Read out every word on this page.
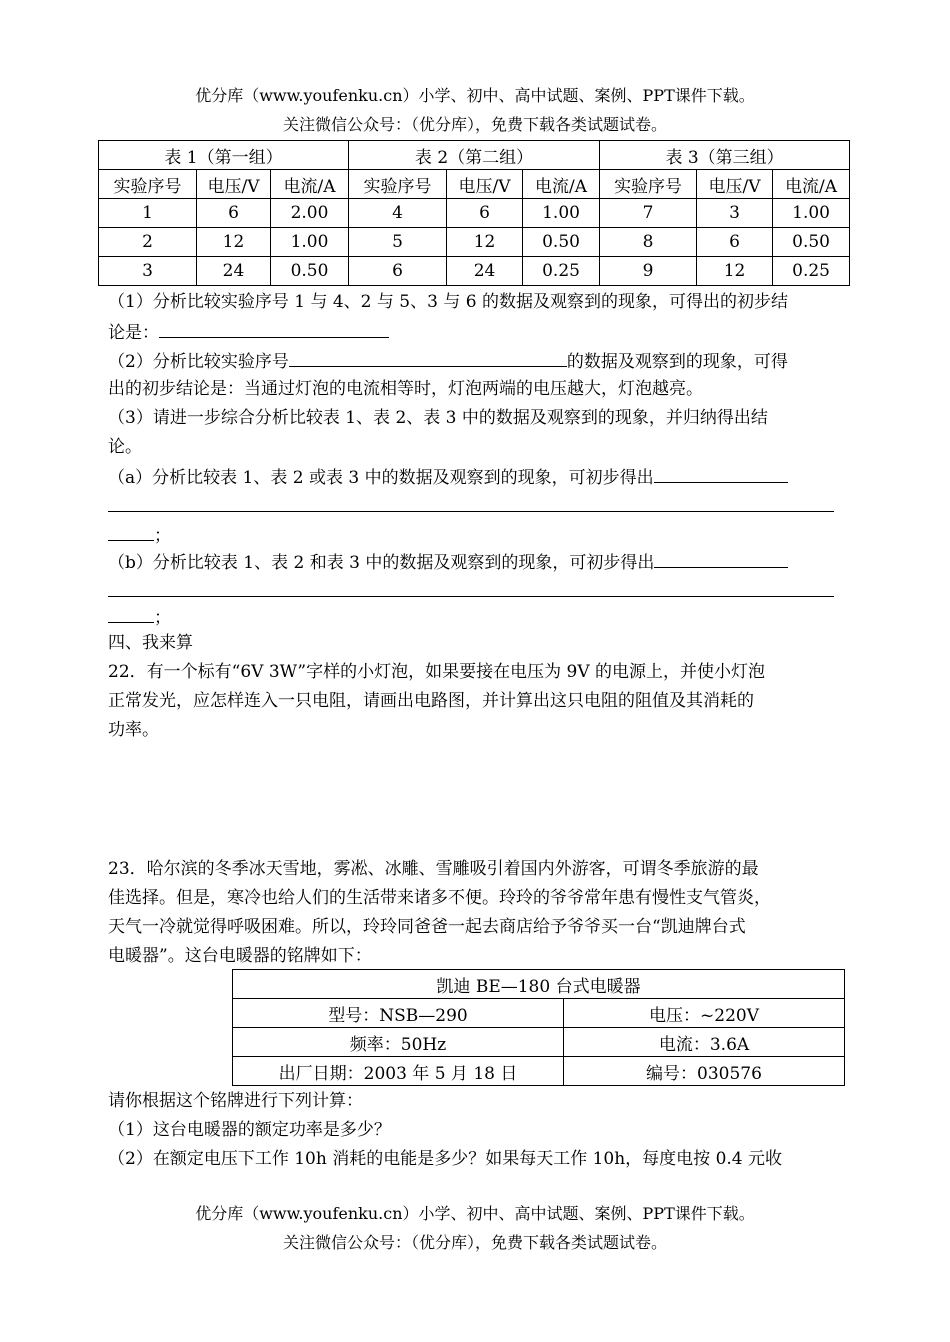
优分库（www.youfenku.cn）小学、初中、高中试题、案例、PPT课件下载。
关注微信公众号：（优分库），免费下载各类试题试卷。
表 1（第一组）			表 2（第二组）			表 3（第三组）		
实验序号	电压/V	电流/A	实验序号	电压/V	电流/A	实验序号	电压/V	电流/A
1	6	2.00	4	6	1.00	7	3	1.00
2	12	1.00	5	12	0.50	8	6	0.50
3	24	0.50	6	24	0.25	9	12	0.25
（1）分析比较实验序号 1 与 4、2 与 5、3 与 6 的数据及观察到的现象，可得出的初步结
论是：
（2）分析比较实验序号	的数据及观察到的现象，可得
出的初步结论是：当通过灯泡的电流相等时，灯泡两端的电压越大，灯泡越亮。
（3）请进一步综合分析比较表 1、表 2、表 3 中的数据及观察到的现象，并归纳得出结
论。
（a）分析比较表 1、表 2 或表 3 中的数据及观察到的现象，可初步得出
；
（b）分析比较表 1、表 2 和表 3 中的数据及观察到的现象，可初步得出
；
四、我来算
22．有一个标有“6V 3W”字样的小灯泡，如果要接在电压为 9V 的电源上，并使小灯泡
正常发光，应怎样连入一只电阻，请画出电路图，并计算出这只电阻的阻值及其消耗的
功率。
23．哈尔滨的冬季冰天雪地，雾凇、冰雕、雪雕吸引着国内外游客，可谓冬季旅游的最
佳选择。但是，寒冷也给人们的生活带来诸多不便。玲玲的爷爷常年患有慢性支气管炎，
天气一冷就觉得呼吸困难。所以，玲玲同爸爸一起去商店给予爷爷买一台“凯迪牌台式
电暖器”。这台电暖器的铭牌如下：
凯迪 BE—180 台式电暖器	
型号：NSB—290	电压：~220V
频率：50Hz	电流：3.6A
出厂日期：2003 年 5 月 18 日	编号：030576
请你根据这个铭牌进行下列计算：
（1）这台电暖器的额定功率是多少？
（2）在额定电压下工作 10h 消耗的电能是多少？如果每天工作 10h，每度电按 0.4 元收
优分库（www.youfenku.cn）小学、初中、高中试题、案例、PPT课件下载。
关注微信公众号：（优分库），免费下载各类试题试卷。
